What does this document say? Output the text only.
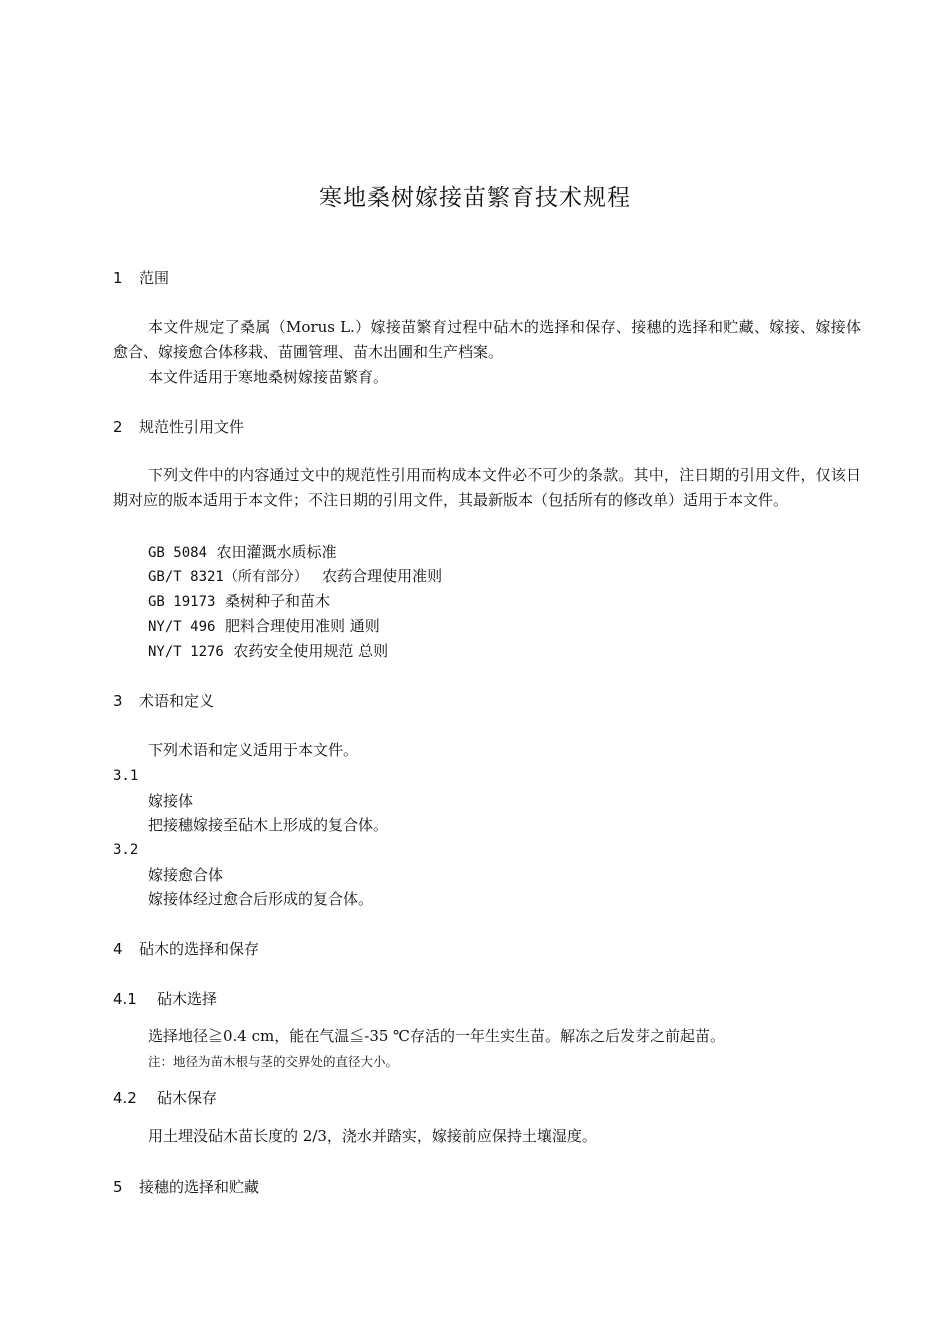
寒地桑树嫁接苗繁育技术规程
1 范围
本文件规定了桑属（Morus L.）嫁接苗繁育过程中砧木的选择和保存、接穗的选择和贮藏、嫁接、嫁接体愈合、嫁接愈合体移栽、苗圃管理、苗木出圃和生产档案。
本文件适用于寒地桑树嫁接苗繁育。
2 规范性引用文件
下列文件中的内容通过文中的规范性引用而构成本文件必不可少的条款。其中，注日期的引用文件，仅该日期对应的版本适用于本文件；不注日期的引用文件，其最新版本（包括所有的修改单）适用于本文件。
GB 5084 农田灌溉水质标准
GB/T 8321（所有部分） 农药合理使用准则
GB 19173 桑树种子和苗木
NY/T 496 肥料合理使用准则 通则
NY/T 1276 农药安全使用规范 总则
3 术语和定义
下列术语和定义适用于本文件。
3.1
嫁接体
把接穗嫁接至砧木上形成的复合体。
3.2
嫁接愈合体
嫁接体经过愈合后形成的复合体。
4 砧木的选择和保存
4.1 砧木选择
选择地径≧0.4 cm，能在气温≦-35 ℃存活的一年生实生苗。解冻之后发芽之前起苗。
注：地径为苗木根与茎的交界处的直径大小。
4.2 砧木保存
用土埋没砧木苗长度的 2/3，浇水并踏实，嫁接前应保持土壤湿度。
5 接穗的选择和贮藏
